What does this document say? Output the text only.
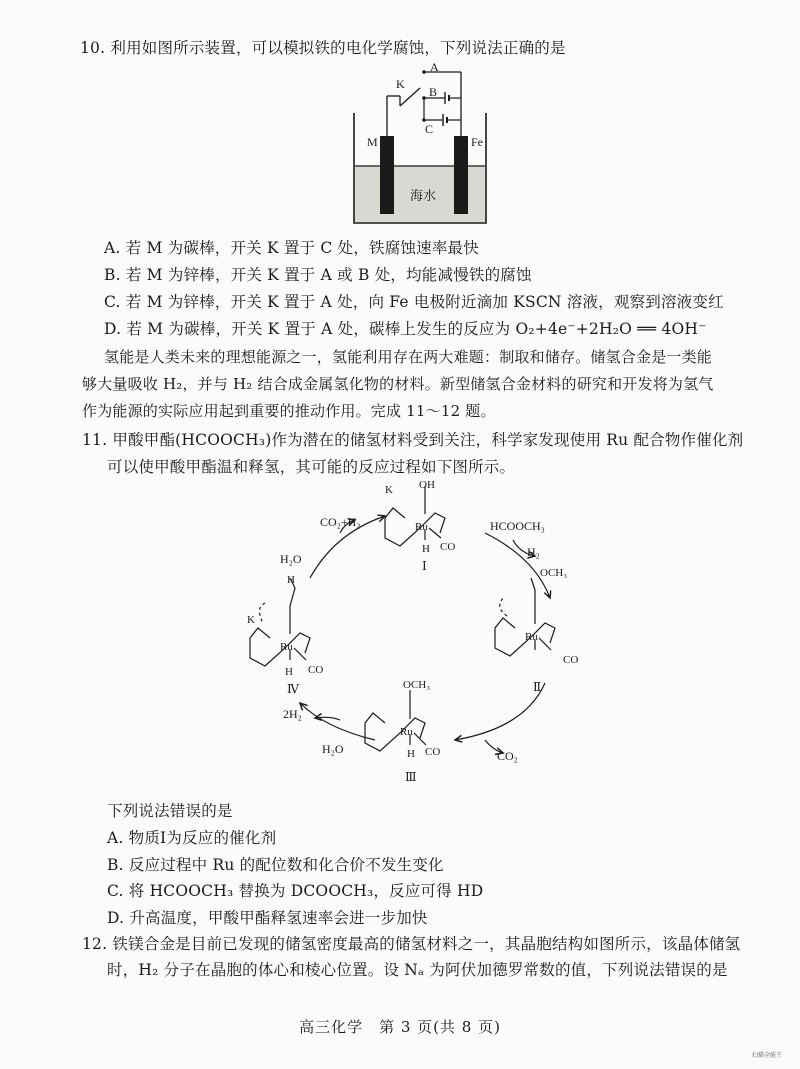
10. 利用如图所示装置，可以模拟铁的电化学腐蚀，下列说法正确的是
A
B
C
K
M	Fe
海水
A. 若 M 为碳棒，开关 K 置于 C 处，铁腐蚀速率最快
B. 若 M 为锌棒，开关 K 置于 A 或 B 处，均能减慢铁的腐蚀
C. 若 M 为锌棒，开关 K 置于 A 处，向 Fe 电极附近滴加 KSCN 溶液，观察到溶液变红
D. 若 M 为碳棒，开关 K 置于 A 处，碳棒上发生的反应为 O₂+4e⁻+2H₂O ══ 4OH⁻
氢能是人类未来的理想能源之一，氢能利用存在两大难题：制取和储存。储氢合金是一类能
够大量吸收 H₂，并与 H₂ 结合成金属氢化物的材料。新型储氢合金材料的研究和开发将为氢气
作为能源的实际应用起到重要的推动作用。完成 11～12 题。
11. 甲酸甲酯(HCOOCH₃)作为潜在的储氢材料受到关注，科学家发现使用 Ru 配合物作催化剂
可以使甲酸甲酯温和释氢，其可能的反应过程如下图所示。
CO₂+H₂	HCOOCH₃
H₂
H₂O
2H₂
H₂O	CO₂
K OH
Ru
H CO
Ⅰ	OCH₃
Ru
CO
Ⅱ
OCH₃
Ru
H CO
Ⅲ
H
Ru
H CO
Ⅳ
K
下列说法错误的是
A. 物质Ⅰ为反应的催化剂
B. 反应过程中 Ru 的配位数和化合价不发生变化
C. 将 HCOOCH₃ 替换为 DCOOCH₃，反应可得 HD
D. 升高温度，甲酸甲酯释氢速率会进一步加快
12. 铁镁合金是目前已发现的储氢密度最高的储氢材料之一，其晶胞结构如图所示，该晶体储氢
时，H₂ 分子在晶胞的体心和棱心位置。设 Nₐ 为阿伏加德罗常数的值，下列说法错误的是
高三化学　第 3 页(共 8 页)
扫描全能王
